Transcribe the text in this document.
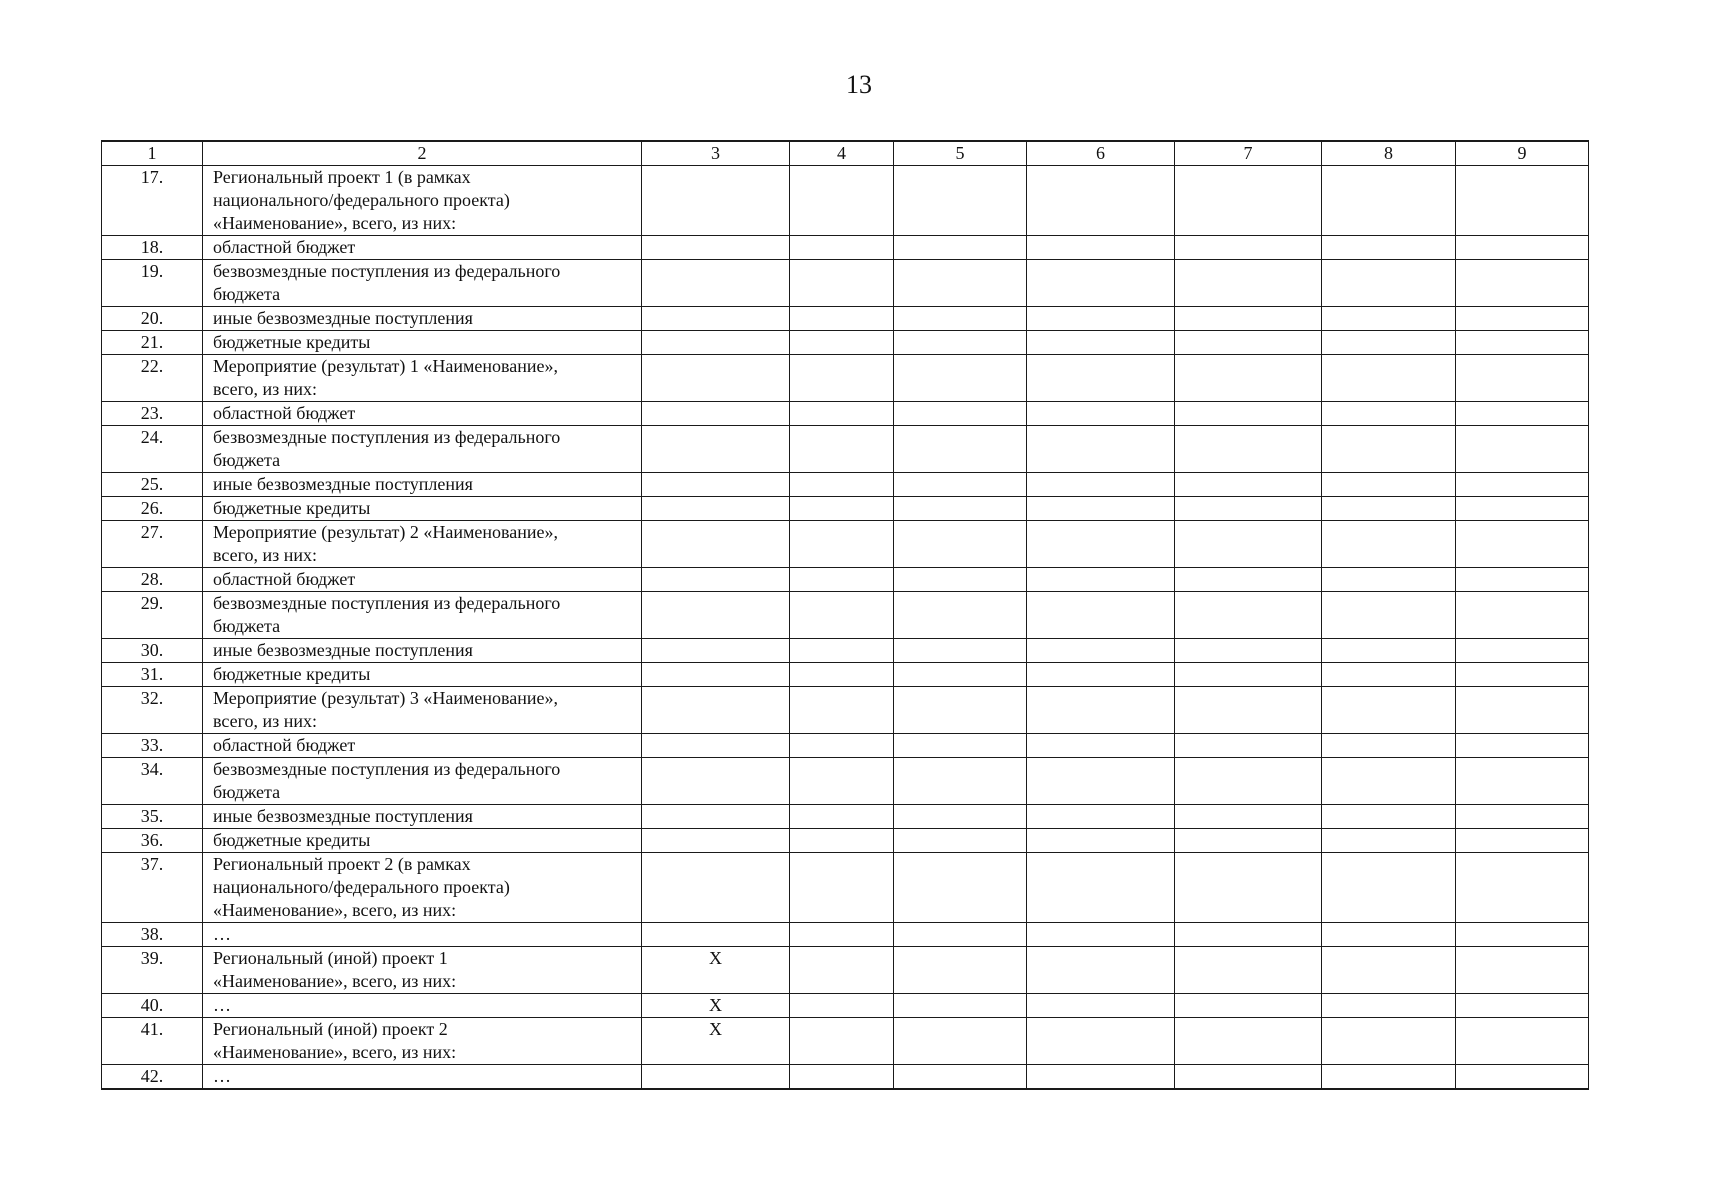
13
1	2	3	4	5	6	7	8	9
17.	Региональный проект 1 (в рамках
национального/федерального проекта)
«Наименование», всего, из них:							

18.	областной бюджет							

19.	безвозмездные поступления из федерального
бюджета							

20.	иные безвозмездные поступления							

21.	бюджетные кредиты							

22.	Мероприятие (результат) 1 «Наименование»,
всего, из них:							

23.	областной бюджет							

24.	безвозмездные поступления из федерального
бюджета							

25.	иные безвозмездные поступления							

26.	бюджетные кредиты							

27.	Мероприятие (результат) 2 «Наименование»,
всего, из них:							

28.	областной бюджет							

29.	безвозмездные поступления из федерального
бюджета							

30.	иные безвозмездные поступления							

31.	бюджетные кредиты							

32.	Мероприятие (результат) 3 «Наименование»,
всего, из них:							

33.	областной бюджет							

34.	безвозмездные поступления из федерального
бюджета							

35.	иные безвозмездные поступления							

36.	бюджетные кредиты							

37.	Региональный проект 2 (в рамках
национального/федерального проекта)
«Наименование», всего, из них:							

38.	…							

39.	Региональный (иной) проект 1
«Наименование», всего, из них:	X						
40.	…	X						
41.	Региональный (иной) проект 2
«Наименование», всего, из них:	X						
42.	…							
